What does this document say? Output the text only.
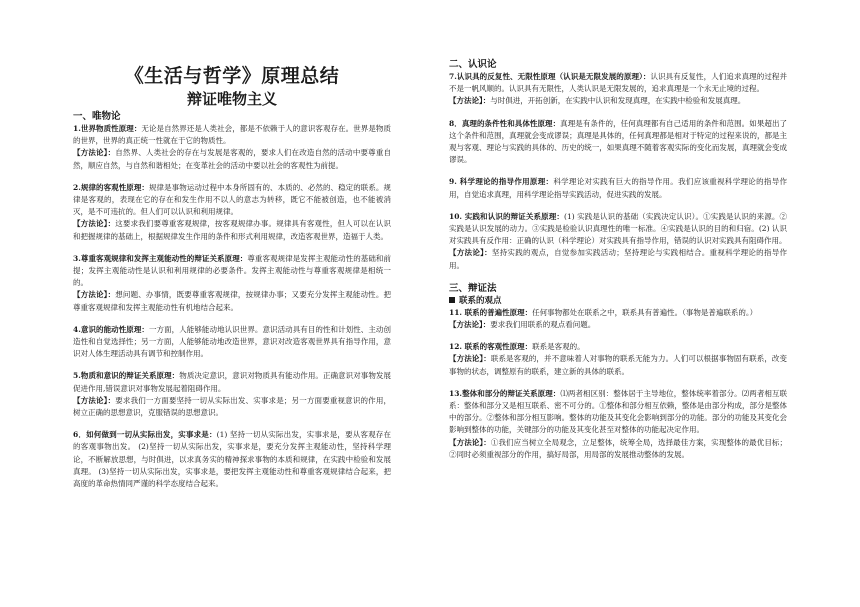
《生活与哲学》原理总结
辩证唯物主义
一、唯物论

1.世界物质性原理：无论是自然界还是人类社会，都是不依赖于人的意识客观存在。世界是物质的世界，世界的真正统一性就在于它的物质性。

【方法论】：自然界、人类社会的存在与发展是客观的，要求人们在改造自然的活动中要尊重自然，顺应自然，与自然和谐相处；在变革社会的活动中要以社会的客观性为前提。

2.规律的客观性原理：规律是事物运动过程中本身所固有的、本质的、必然的、稳定的联系。规律是客观的，表现在它的存在和发生作用不以人的意志为转移，既它不能被创造，也不能被消灭，是不可违抗的。但人们可以认识和利用规律。

【方法论】：这要求我们要尊重客观规律，按客观规律办事。规律具有客观性，但人可以在认识和把握规律的基础上，根据规律发生作用的条件和形式利用规律，改造客观世界，造福于人类。

3.尊重客观规律和发挥主观能动性的辩证关系原理：尊重客观规律是发挥主观能动性的基础和前提；发挥主观能动性是认识和利用规律的必要条件。发挥主观能动性与尊重客观规律是相统一的。

【方法论】：想问题、办事情，既要尊重客观规律，按规律办事；又要充分发挥主观能动性。把尊重客观规律和发挥主观能动性有机地结合起来。

4.意识的能动性原理：一方面，人能够能动地认识世界。意识活动具有目的性和计划性、主动创造性和自觉选择性；另一方面，人能够能动地改造世界，意识对改造客观世界具有指导作用，意识对人体生理活动具有调节和控制作用。

5.物质和意识的辩证关系原理：物质决定意识，意识对物质具有能动作用。正确意识对事物发展促进作用,错误意识对事物发展起着阻碍作用。

【方法论】：要求我们一方面要坚持一切从实际出发、实事求是；另一方面要重视意识的作用，树立正确的思想意识，克服错误的思想意识。

6．如何做到一切从实际出发，实事求是：(1) 坚持一切从实际出发，实事求是，要从客观存在的客观事物出发。 (2)坚持一切从实际出发，实事求是，要充分发挥主观能动性，坚持科学理论，不断解放思想，与时俱进，以求真务实的精神探求事物的本质和规律，在实践中检验和发展真理。 (3)坚持一切从实际出发，实事求是，要把发挥主观能动性和尊重客观规律结合起来，把高度的革命热情同严谨的科学态度结合起来。

二、认识论

7.认识具的反复性、无限性原理（认识是无限发展的原理）：认识具有反复性，人们追求真理的过程并不是一帆风顺的。认识具有无限性，人类认识是无限发展的，追求真理是一个永无止境的过程。

【方法论】：与时俱进，开拓创新，在实践中认识和发现真理，在实践中检验和发展真理。

8．真理的条件性和具体性原理：真理是有条件的，任何真理都有自己适用的条件和范围。如果超出了这个条件和范围，真理就会变成谬误；真理是具体的，任何真理都是相对于特定的过程来说的，都是主观与客观、理论与实践的具体的、历史的统一，如果真理不随着客观实际的变化而发展，真理就会变成谬误。

9. 科学理论的指导作用原理：科学理论对实践有巨大的指导作用。我们应该重视科学理论的指导作用，自觉追求真理，用科学理论指导实践活动，促进实践的发展。

10. 实践和认识的辩证关系原理：(1) 实践是认识的基础（实践决定认识）。①实践是认识的来源。②实践是认识发展的动力。③实践是检验认识真理性的唯一标准。④实践是认识的目的和归宿。(2) 认识对实践具有反作用：正确的认识（科学理论）对实践具有指导作用，错误的认识对实践具有阻碍作用。

【方法论】：坚持实践的观点，自觉参加实践活动；坚持理论与实践相结合。重视科学理论的指导作用。

三、辩证法
联系的观点

11. 联系的普遍性原理：任何事物都处在联系之中，联系具有普遍性。（事物是普遍联系的。）

【方法论】：要求我们用联系的观点看问题。

12. 联系的客观性原理：联系是客观的。

【方法论】：联系是客观的，并不意味着人对事物的联系无能为力。人们可以根据事物固有联系，改变事物的状态，调整原有的联系，建立新的具体的联系。

13.整体和部分的辩证关系原理：⑴两者相区别：整体居于主导地位，整体统率着部分。⑵两者相互联系：整体和部分又是相互联系、密不可分的。①整体和部分相互依赖，整体是由部分构成，部分是整体中的部分。②整体和部分相互影响。整体的功能及其变化会影响到部分的功能。部分的功能及其变化会影响到整体的功能，关键部分的功能及其变化甚至对整体的功能起决定作用。

【方法论】：①我们应当树立全局观念，立足整体，统筹全局，选择最佳方案，实现整体的最优目标；②同时必须重视部分的作用，搞好局部，用局部的发展推动整体的发展。
